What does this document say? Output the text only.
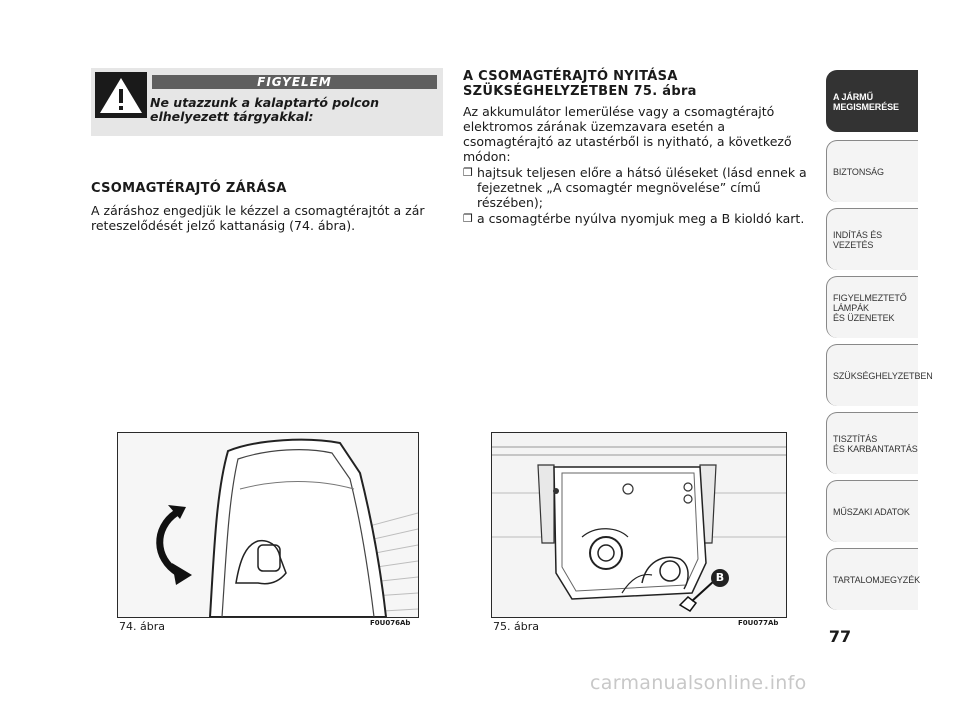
FIGYELEM
Ne utazzunk a kalaptartó polcon elhelyezett tárgyakkal:
CSOMAGTÉRAJTÓ ZÁRÁSA
A záráshoz engedjük le kézzel a csomagtérajtót a zár reteszelődését jelző kattanásig (74. ábra).
A CSOMAGTÉRAJTÓ NYITÁSA
SZÜKSÉGHELYZETBEN 75. ábra
Az akkumulátor lemerülése vagy a csomagtérajtó elektromos zárának üzemzavara esetén a csomagtérajtó az utastérből is nyitható, a következő módon:
❒ hajtsuk teljesen előre a hátsó üléseket (lásd ennek a fejezetnek „A csomagtér megnövelése” című részében);
❒ a csomagtérbe nyúlva nyomjuk meg a B kioldó kart.
74. ábra	F0U076Ab
B
75. ábra	F0U077Ab
A JÁRMŰ
MEGISMERÉSE
BIZTONSÁG
INDÍTÁS ÉS VEZETÉS
FIGYELMEZTETŐ
LÁMPÁK
ÉS ÜZENETEK
SZÜKSÉGHELYZETBEN
TISZTÍTÁS
ÉS KARBANTARTÁS
MŰSZAKI ADATOK
TARTALOMJEGYZÉK
77
carmanualsonline.info
